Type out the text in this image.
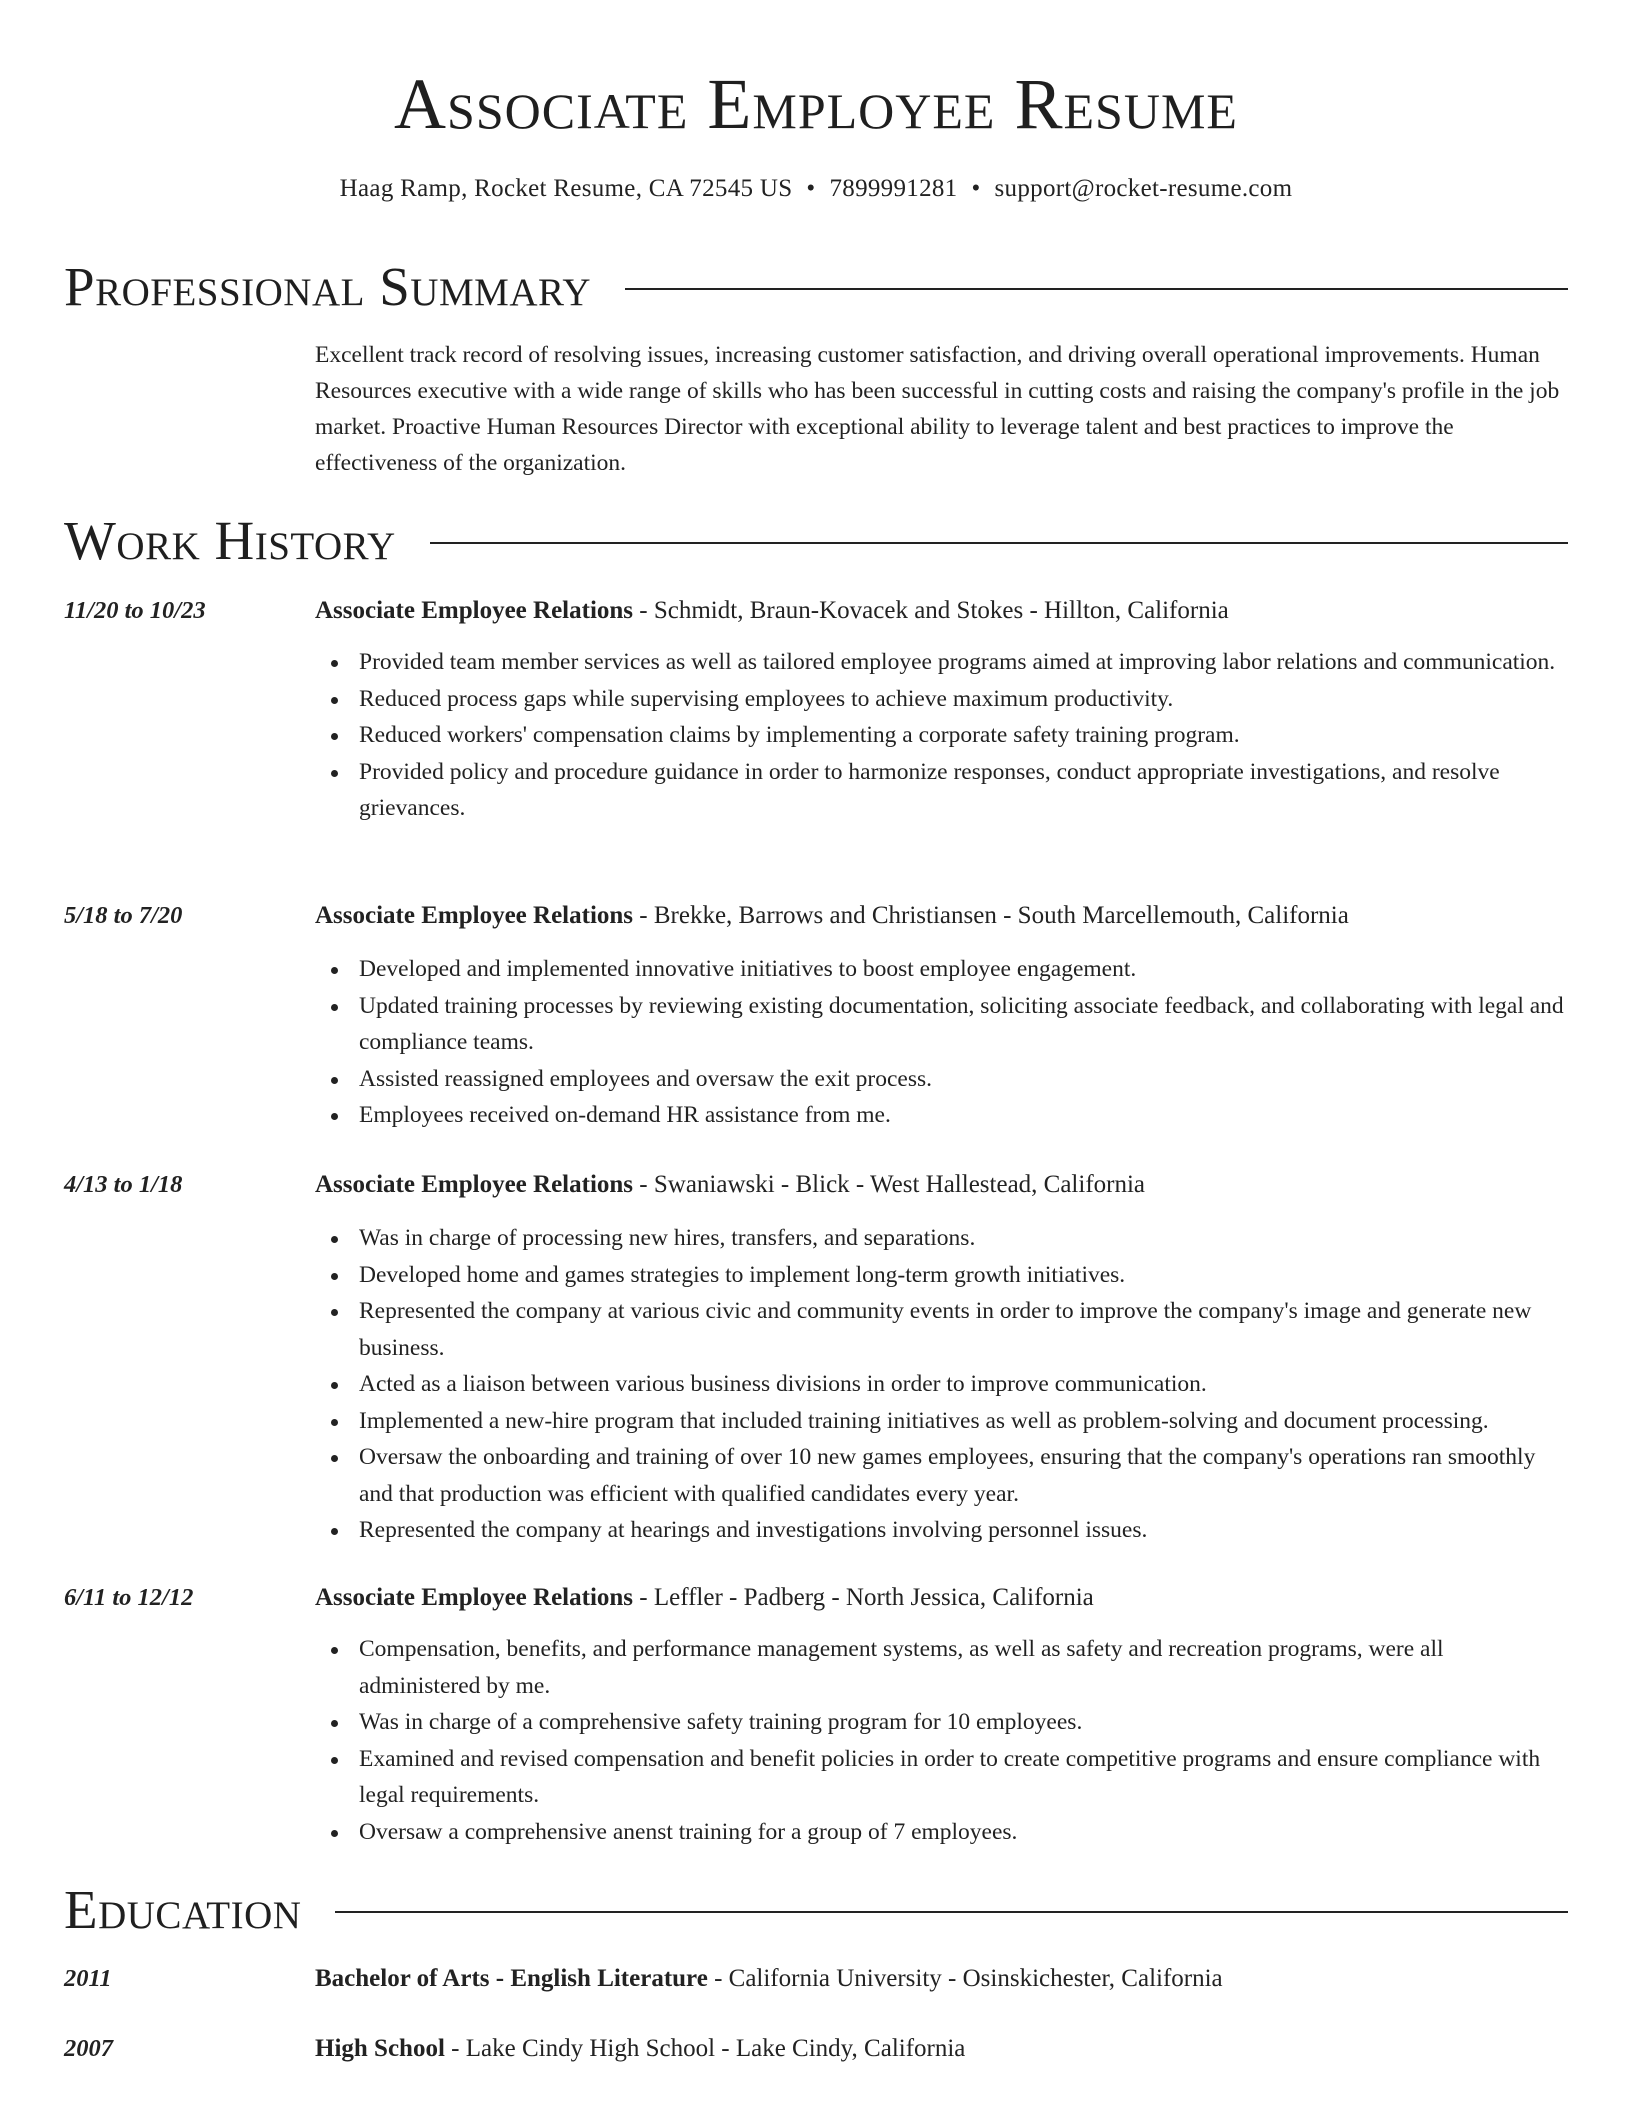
Associate Employee Resume
Haag Ramp, Rocket Resume, CA 72545 US • 7899991281 • support@rocket-resume.com
Professional Summary

Excellent track record of resolving issues, increasing customer satisfaction, and driving overall operational improvements. Human Resources executive with a wide range of skills who has been successful in cutting costs and raising the company's profile in the job market. Proactive Human Resources Director with exceptional ability to leverage talent and best practices to improve the effectiveness of the organization.

Work History
11/20 to 10/23	Associate Employee Relations - Schmidt, Braun-Kovacek and Stokes - Hillton, California
Provided team member services as well as tailored employee programs aimed at improving labor relations and communication.
Reduced process gaps while supervising employees to achieve maximum productivity.
Reduced workers' compensation claims by implementing a corporate safety training program.
Provided policy and procedure guidance in order to harmonize responses, conduct appropriate investigations, and resolve grievances.
5/18 to 7/20	Associate Employee Relations - Brekke, Barrows and Christiansen - South Marcellemouth, California
Developed and implemented innovative initiatives to boost employee engagement.
Updated training processes by reviewing existing documentation, soliciting associate feedback, and collaborating with legal and compliance teams.
Assisted reassigned employees and oversaw the exit process.
Employees received on-demand HR assistance from me.
4/13 to 1/18	Associate Employee Relations - Swaniawski - Blick - West Hallestead, California
Was in charge of processing new hires, transfers, and separations.
Developed home and games strategies to implement long-term growth initiatives.
Represented the company at various civic and community events in order to improve the company's image and generate new business.
Acted as a liaison between various business divisions in order to improve communication.
Implemented a new-hire program that included training initiatives as well as problem-solving and document processing.
Oversaw the onboarding and training of over 10 new games employees, ensuring that the company's operations ran smoothly and that production was efficient with qualified candidates every year.
Represented the company at hearings and investigations involving personnel issues.
6/11 to 12/12	Associate Employee Relations - Leffler - Padberg - North Jessica, California
Compensation, benefits, and performance management systems, as well as safety and recreation programs, were all administered by me.
Was in charge of a comprehensive safety training program for 10 employees.
Examined and revised compensation and benefit policies in order to create competitive programs and ensure compliance with legal requirements.
Oversaw a comprehensive anenst training for a group of 7 employees.
Education
2011	Bachelor of Arts - English Literature - California University - Osinskichester, California
2007	High School - Lake Cindy High School - Lake Cindy, California
